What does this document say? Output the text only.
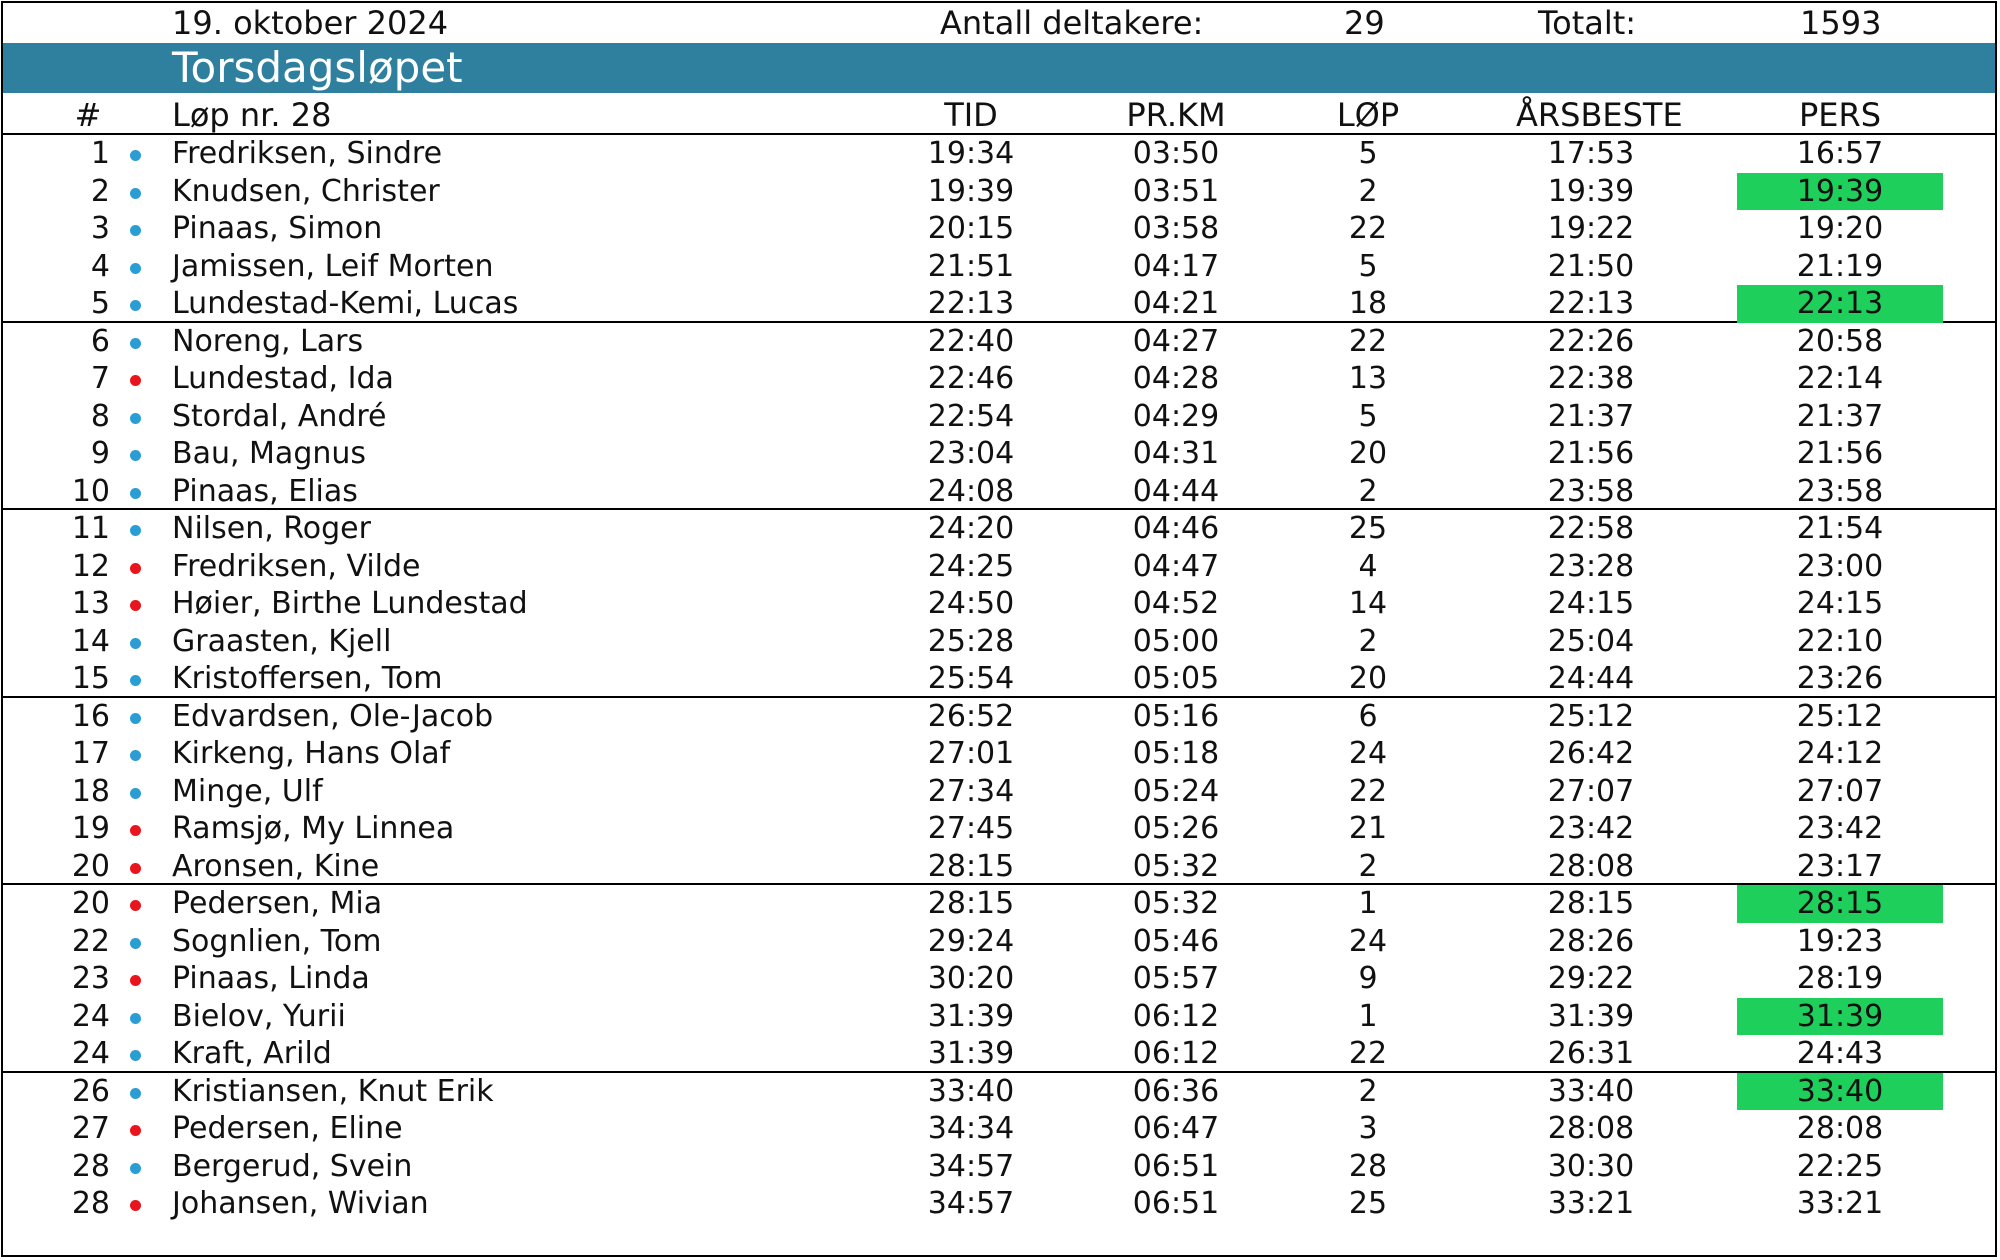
19. oktober 2024	Antall deltakere:	29	Totalt:	1593
Torsdagsløpet
#	Løp nr. 28	TID	PR.KM	LØP	ÅRSBESTE	PERS
1 Fredriksen, Sindre	19:34	03:50	5	17:53	16:57
2 Knudsen, Christer	19:39	03:51	2	19:39	19:39
3 Pinaas, Simon	20:15	03:58	22	19:22	19:20
4 Jamissen, Leif Morten	21:51	04:17	5	21:50	21:19
5 Lundestad-Kemi, Lucas	22:13	04:21	18	22:13	22:13
6 Noreng, Lars	22:40	04:27	22	22:26	20:58
7 Lundestad, Ida	22:46	04:28	13	22:38	22:14
8 Stordal, André	22:54	04:29	5	21:37	21:37
9 Bau, Magnus	23:04	04:31	20	21:56	21:56
10 Pinaas, Elias	24:08	04:44	2	23:58	23:58
11 Nilsen, Roger	24:20	04:46	25	22:58	21:54
12 Fredriksen, Vilde	24:25	04:47	4	23:28	23:00
13 Høier, Birthe Lundestad	24:50	04:52	14	24:15	24:15
14 Graasten, Kjell	25:28	05:00	2	25:04	22:10
15 Kristoffersen, Tom	25:54	05:05	20	24:44	23:26
16 Edvardsen, Ole-Jacob	26:52	05:16	6	25:12	25:12
17 Kirkeng, Hans Olaf	27:01	05:18	24	26:42	24:12
18 Minge, Ulf	27:34	05:24	22	27:07	27:07
19 Ramsjø, My Linnea	27:45	05:26	21	23:42	23:42
20 Aronsen, Kine	28:15	05:32	2	28:08	23:17
20 Pedersen, Mia	28:15	05:32	1	28:15	28:15
22 Sognlien, Tom	29:24	05:46	24	28:26	19:23
23 Pinaas, Linda	30:20	05:57	9	29:22	28:19
24 Bielov, Yurii	31:39	06:12	1	31:39	31:39
24 Kraft, Arild	31:39	06:12	22	26:31	24:43
26 Kristiansen, Knut Erik	33:40	06:36	2	33:40	33:40
27 Pedersen, Eline	34:34	06:47	3	28:08	28:08
28 Bergerud, Svein	34:57	06:51	28	30:30	22:25
28 Johansen, Wivian	34:57	06:51	25	33:21	33:21
